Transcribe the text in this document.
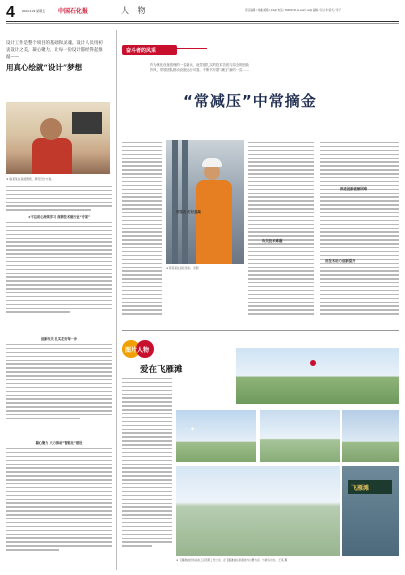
4 2024.4.23 星期五 中国石化报	人 物	责任编辑 / 刘鑫 邮箱 / jhb@ 电话 / 59963731 E-mail / rw@ 编辑 / 彭立华 版式 / 李子
设计工作是整个项目的基础和灵魂。设计人员用初衷设计之美，凝心聚力，让每一份设计都经得起推敲——
用真心绘就“设计”梦想
★ 谢某某在查阅图纸，研究设计方案。
★不忘初心持续学习 深耕技术做行业“专家”
创新攻关 扎实走好每一步
凝心聚力 大力推动“智能化”建设
奋斗者的风采
作为炼化设备管理的一名新兵，他凭借扎实的技术功底与周全的细致作风，带领团队推动设备运行可靠，不断书写着“减压”新的一页……
“常减压”中常摘金
★ 陈某某在巡检设备。 供图
苦练功 打好基础
攻关技术难题
推进创新破解困难
用技术助力创新提升
图片人物
爱在飞雁滩
✦
飞雁滩
★ 飞雁滩油田的采油工们利用工作之余，在飞雁滩油区的湿地与白鹭为邻、与候鸟为友。 王某 摄
